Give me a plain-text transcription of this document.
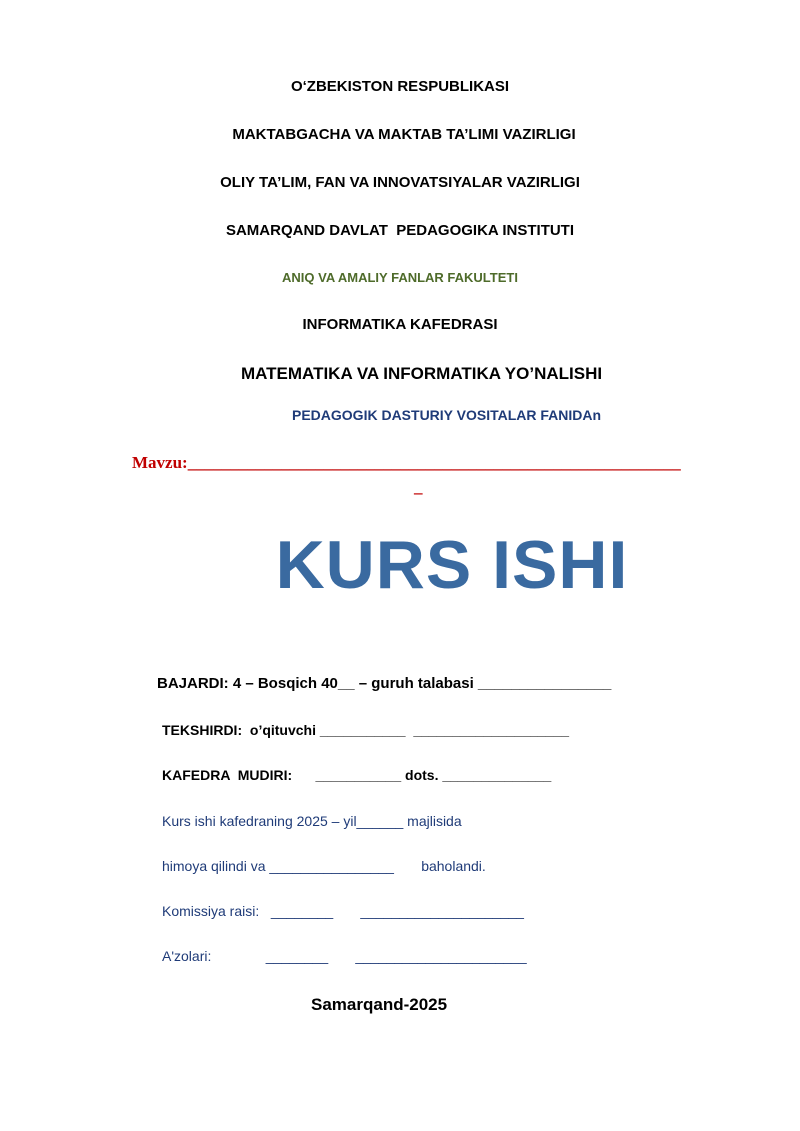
O‘ZBEKISTON RESPUBLIKASI
MAKTABGACHA VA MAKTAB TA’LIMI VAZIRLIGI
OLIY TA’LIM, FAN VA INNOVATSIYALAR VAZIRLIGI
SAMARQAND DAVLAT  PEDAGOGIKA INSTITUTI
ANIQ VA AMALIY FANLAR FAKULTETI
INFORMATIKA KAFEDRASI
MATEMATIKA VA INFORMATIKA YO’NALISHI
PEDAGOGIK DASTURIY VOSITALAR FANIDAn
Mavzu:__________________________________________________________
_
KURS ISHI
BAJARDI: 4 – Bosqich 40__ – guruh talabasi ________________
TEKSHIRDI:  o’qituvchi ___________  ____________________
KAFEDRA  MUDIRI:      ___________ dots. ______________
Kurs ishi kafedraning 2025 – yil______ majlisida
himoya qilindi va ________________       baholandi.
Komissiya raisi:   ________       _____________________
A'zolari:              ________       ______________________
Samarqand-2025
